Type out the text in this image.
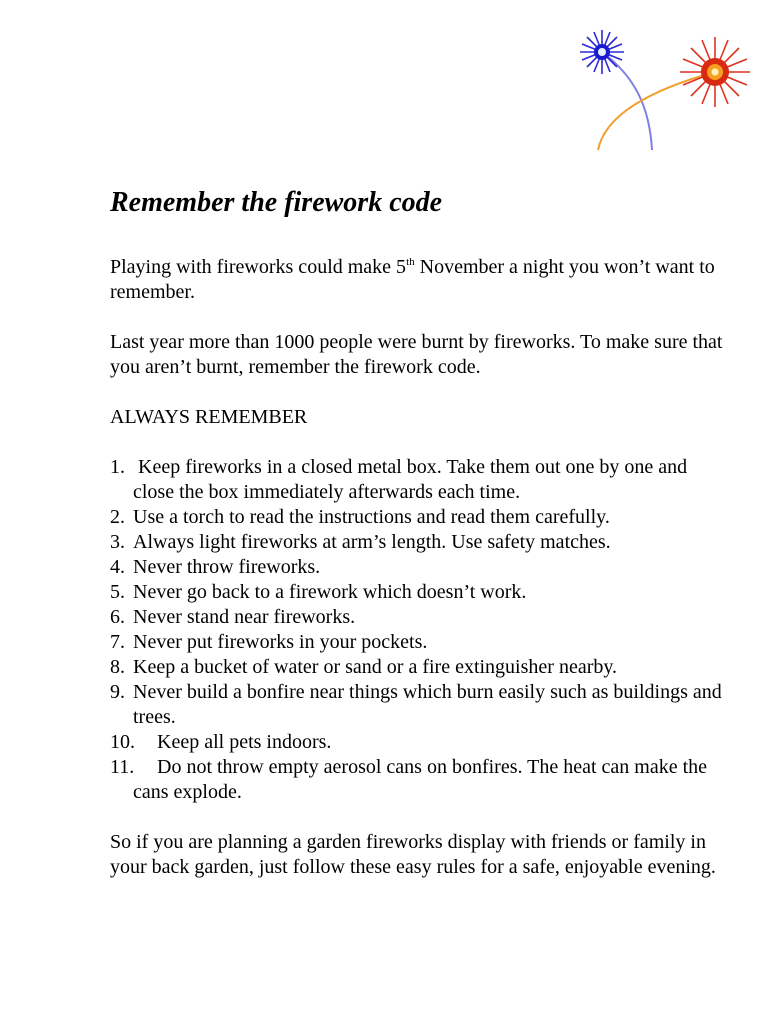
Remember the firework code

Playing with fireworks could make 5th November a night you won’t want to remember.

Last year more than 1000 people were burnt by fireworks. To make sure that you aren’t burnt, remember the firework code.

ALWAYS REMEMBER

1. Keep fireworks in a closed metal box. Take them out one by one and close the box immediately afterwards each time.
2. Use a torch to read the instructions and read them carefully.
3. Always light fireworks at arm’s length. Use safety matches.
4. Never throw fireworks.
5. Never go back to a firework which doesn’t work.
6. Never stand near fireworks.
7. Never put fireworks in your pockets.
8. Keep a bucket of water or sand or a fire extinguisher nearby.
9. Never build a bonfire near things which burn easily such as buildings and trees.
10.	Keep all pets indoors.
11. Do not throw empty aerosol cans on bonfires. The heat can make the cans explode.

So if you are planning a garden fireworks display with friends or family in your back garden, just follow these easy rules for a safe, enjoyable evening.
